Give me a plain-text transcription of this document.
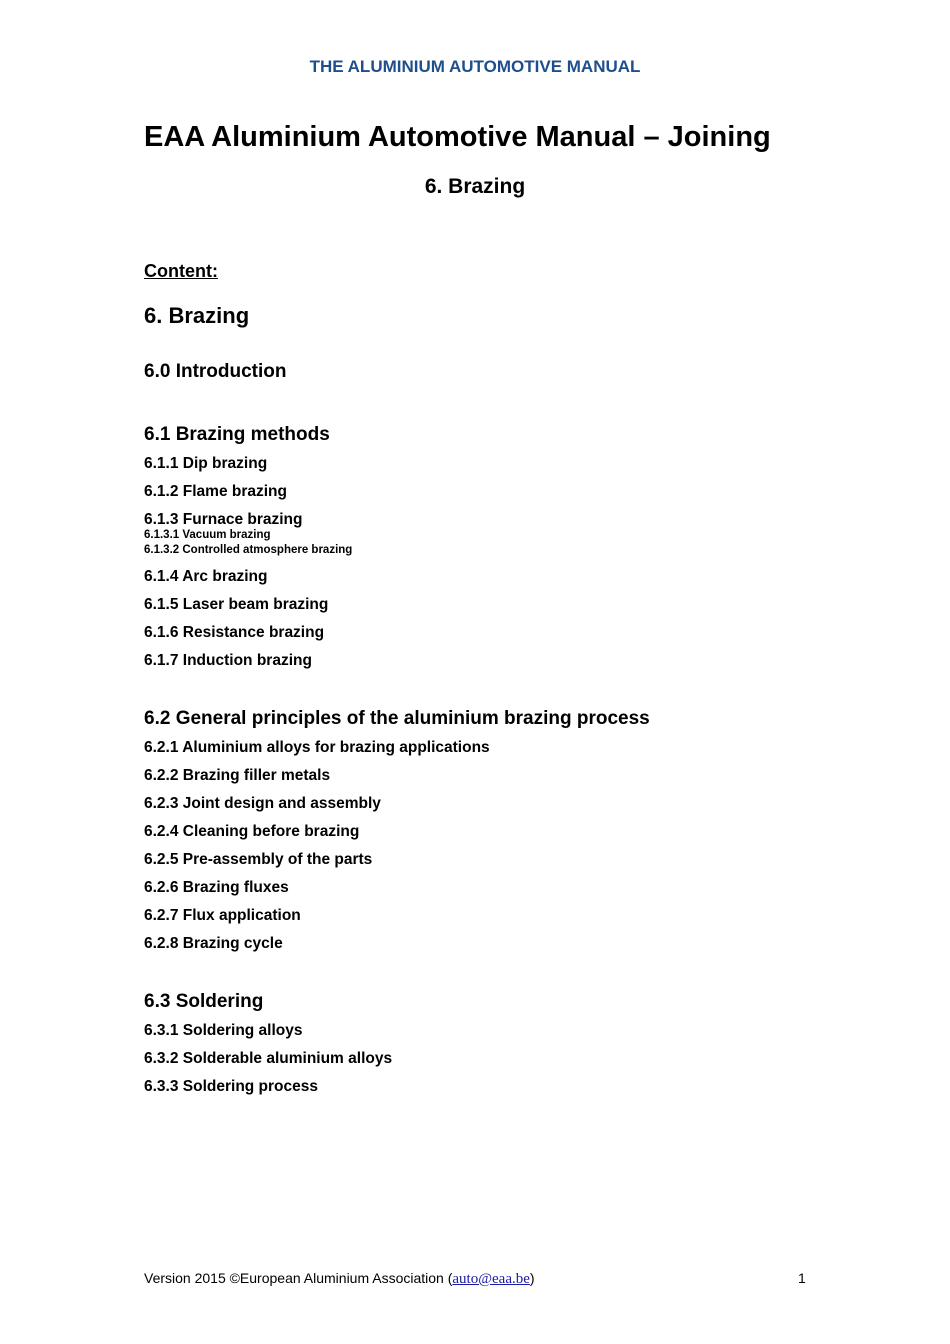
THE ALUMINIUM AUTOMOTIVE MANUAL
EAA Aluminium Automotive Manual – Joining
6. Brazing
Content:
6. Brazing
6.0 Introduction
6.1 Brazing methods
6.1.1 Dip brazing
6.1.2 Flame brazing
6.1.3 Furnace brazing
6.1.3.1 Vacuum brazing
6.1.3.2 Controlled atmosphere brazing
6.1.4 Arc brazing
6.1.5 Laser beam brazing
6.1.6 Resistance brazing
6.1.7 Induction brazing
6.2 General principles of the aluminium brazing process
6.2.1 Aluminium alloys for brazing applications
6.2.2 Brazing filler metals
6.2.3 Joint design and assembly
6.2.4 Cleaning before brazing
6.2.5 Pre-assembly of the parts
6.2.6 Brazing fluxes
6.2.7 Flux application
6.2.8 Brazing cycle
6.3 Soldering
6.3.1 Soldering alloys
6.3.2 Solderable aluminium alloys
6.3.3 Soldering process
Version 2015 ©European Aluminium Association (auto@eaa.be)	1
